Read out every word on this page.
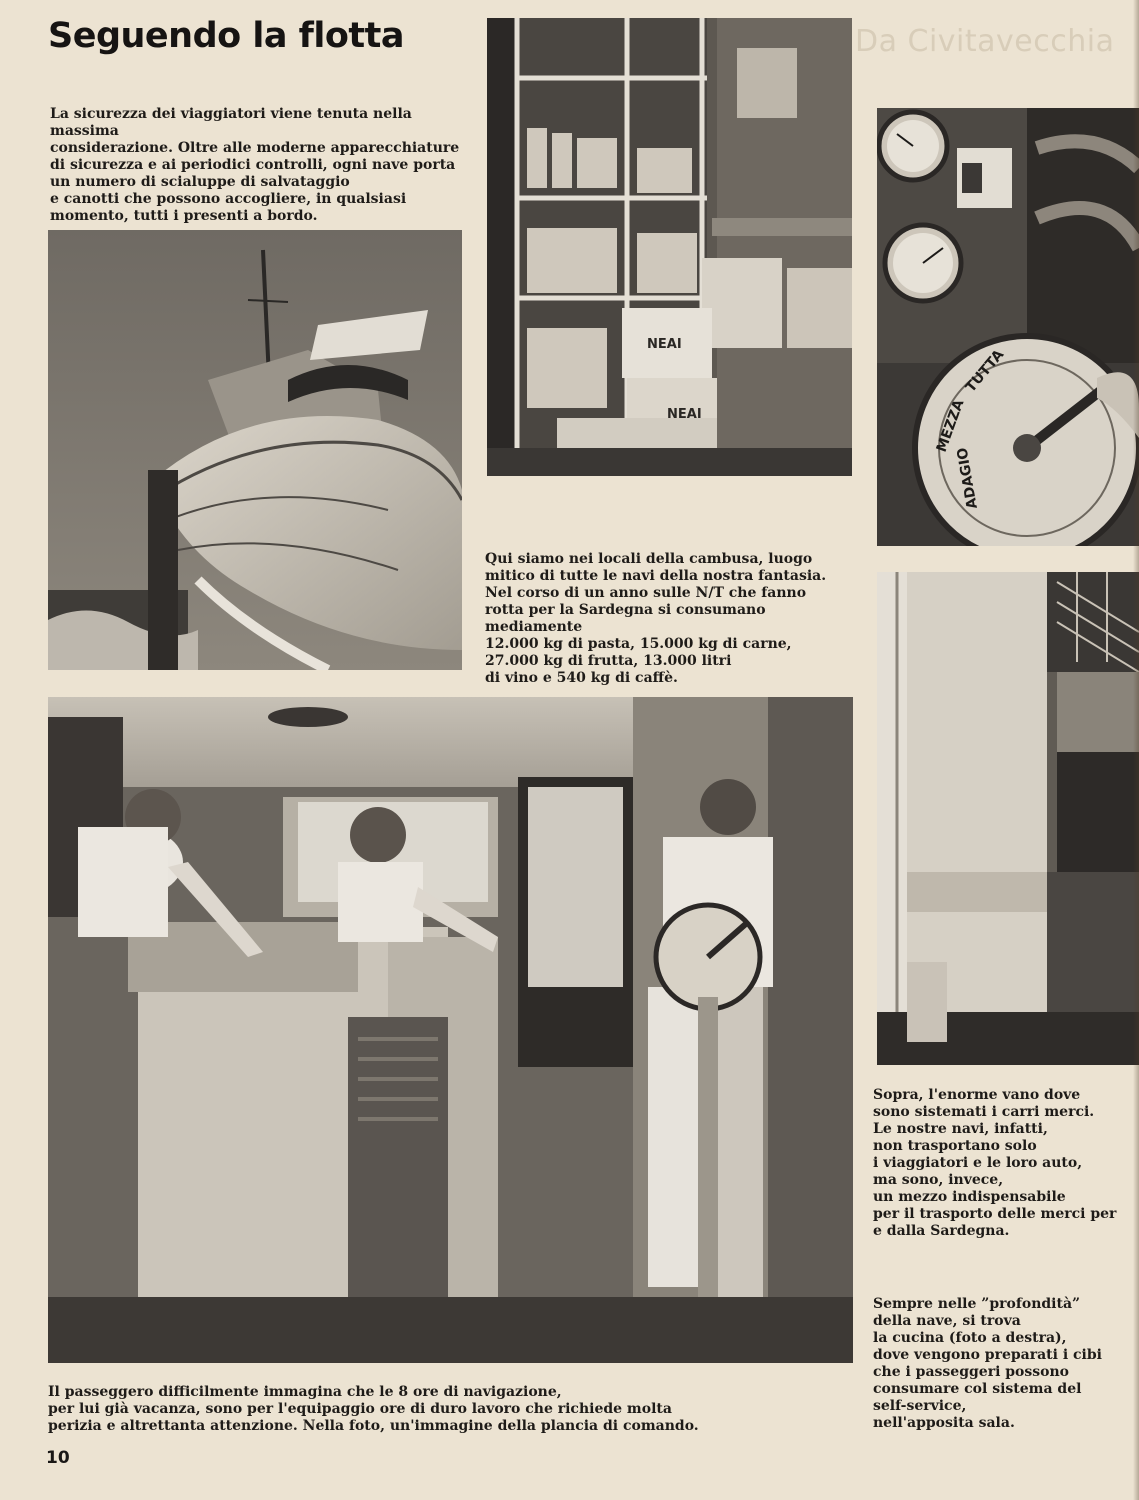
Seguendo la flotta	Da Civitavecchia

La sicurezza dei viaggiatori viene tenuta nella massima
considerazione. Oltre alle moderne apparecchiature
di sicurezza e ai periodici controlli, ogni nave porta
un numero di scialuppe di salvataggio
e canotti che possono accogliere, in qualsiasi
momento, tutti i presenti a bordo.

NEAI
NEAI
TUTTA
MEZZA
ADAGIO

Qui siamo nei locali della cambusa, luogo
mitico di tutte le navi della nostra fantasia.
Nel corso di un anno sulle N/T che fanno
rotta per la Sardegna si consumano mediamente
12.000 kg di pasta, 15.000 kg di carne,
27.000 kg di frutta, 13.000 litri
di vino e 540 kg di caffè.

Sopra, l'enorme vano dove
sono sistemati i carri merci.
Le nostre navi, infatti,
non trasportano solo
i viaggiatori e le loro auto,
ma sono, invece,
un mezzo indispensabile
per il trasporto delle merci per
e dalla Sardegna.

Sempre nelle ”profondità”
della nave, si trova
la cucina (foto a destra),
dove vengono preparati i cibi
che i passeggeri possono
consumare col sistema del
self-service,
nell'apposita sala.

Il passeggero difficilmente immagina che le 8 ore di navigazione,
per lui già vacanza, sono per l'equipaggio ore di duro lavoro che richiede molta
perizia e altrettanta attenzione. Nella foto, un'immagine della plancia di comando.

10
